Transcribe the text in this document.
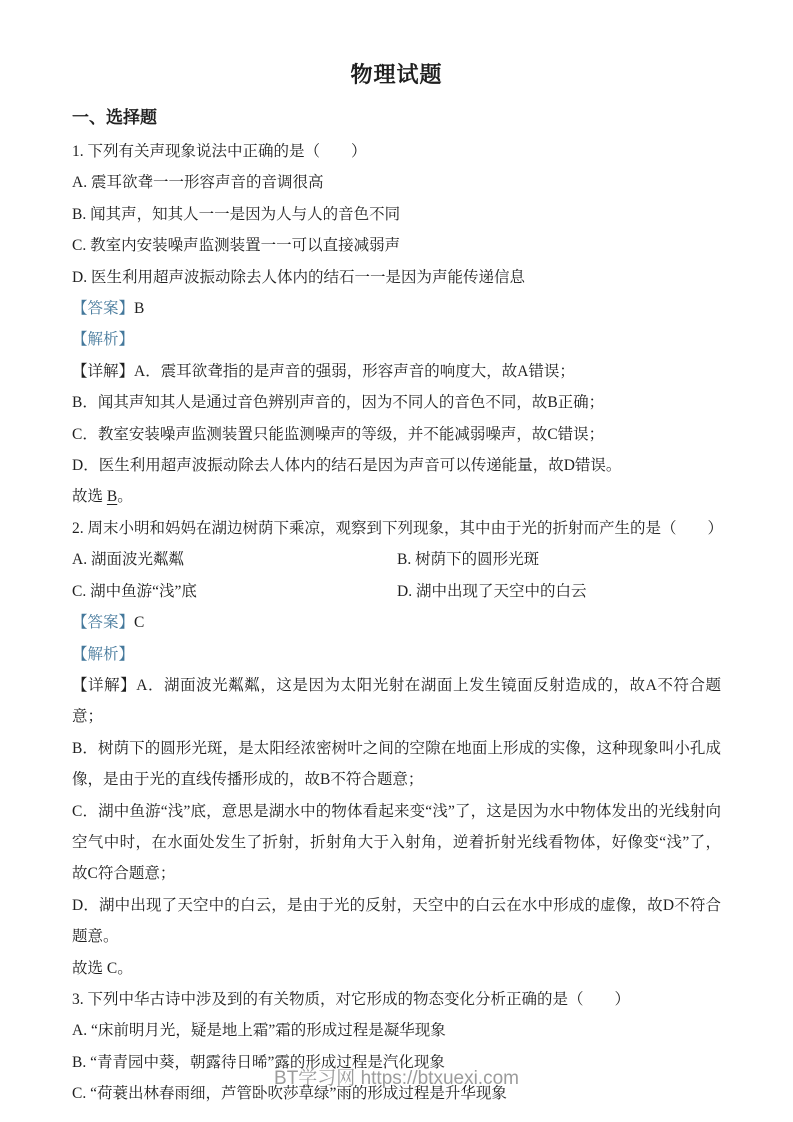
物理试题
一、选择题

1. 下列有关声现象说法中正确的是（　　）

A. 震耳欲聋一一形容声音的音调很高

B. 闻其声，知其人一一是因为人与人的音色不同

C. 教室内安装噪声监测装置一一可以直接减弱声

D. 医生利用超声波振动除去人体内的结石一一是因为声能传递信息

【答案】B

【解析】

【详解】A．震耳欲聋指的是声音的强弱，形容声音的响度大，故A错误；

B．闻其声知其人是通过音色辨别声音的，因为不同人的音色不同，故B正确；

C．教室安装噪声监测装置只能监测噪声的等级，并不能减弱噪声，故C错误；

D．医生利用超声波振动除去人体内的结石是因为声音可以传递能量，故D错误。

故选 B。

2. 周末小明和妈妈在湖边树荫下乘凉，观察到下列现象，其中由于光的折射而产生的是（　　）

A. 湖面波光粼粼	B. 树荫下的圆形光斑
C. 湖中鱼游“浅”底	D. 湖中出现了天空中的白云

【答案】C

【解析】

【详解】A．湖面波光粼粼，这是因为太阳光射在湖面上发生镜面反射造成的，故A不符合题意；

B．树荫下的圆形光斑，是太阳经浓密树叶之间的空隙在地面上形成的实像，这种现象叫小孔成像，是由于光的直线传播形成的，故B不符合题意；

C．湖中鱼游“浅”底，意思是湖水中的物体看起来变“浅”了，这是因为水中物体发出的光线射向空气中时，在水面处发生了折射，折射角大于入射角，逆着折射光线看物体，好像变“浅”了，故C符合题意；

D．湖中出现了天空中的白云，是由于光的反射，天空中的白云在水中形成的虚像，故D不符合题意。

故选 C。

3. 下列中华古诗中涉及到的有关物质，对它形成的物态变化分析正确的是（　　）

A. “床前明月光，疑是地上霜”霜的形成过程是凝华现象

B. “青青园中葵，朝露待日晞”露的形成过程是汽化现象

C. “荷蓑出林春雨细，芦管卧吹莎草绿”雨的形成过程是升华现象

BT学习网 https://btxuexi.com
